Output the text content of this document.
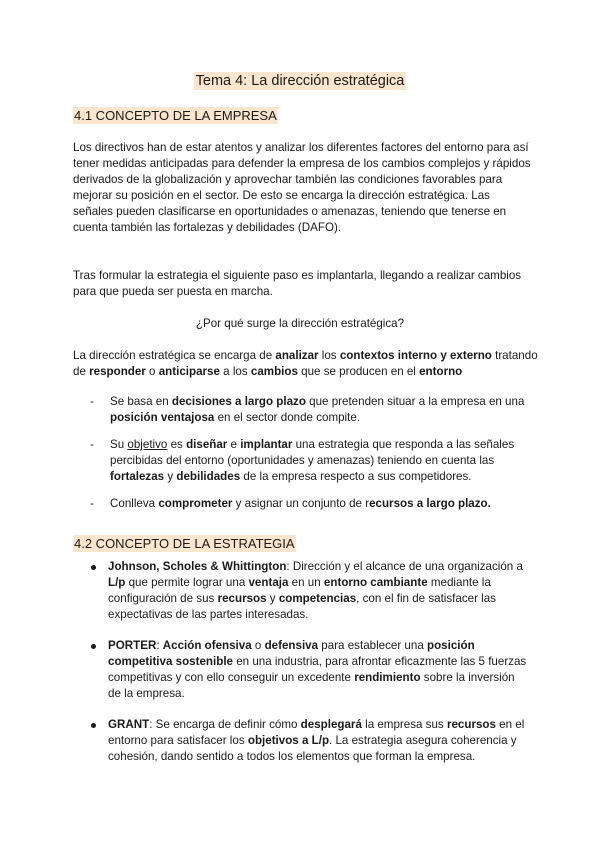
Tema 4: La dirección estratégica
4.1 CONCEPTO DE LA EMPRESA
Los directivos han de estar atentos y analizar los diferentes factores del entorno para así tener medidas anticipadas para defender la empresa de los cambios complejos y rápidos derivados de la globalización y aprovechar también las condiciones favorables para mejorar su posición en el sector. De esto se encarga la dirección estratégica. Las señales pueden clasificarse en oportunidades o amenazas, teniendo que tenerse en cuenta también las fortalezas y debilidades (DAFO).
Tras formular la estrategia el siguiente paso es implantarla, llegando a realizar cambios para que pueda ser puesta en marcha.
¿Por qué surge la dirección estratégica?
La dirección estratégica se encarga de analizar los contextos interno y externo tratando de responder o anticiparse a los cambios que se producen en el entorno
- Se basa en decisiones a largo plazo que pretenden situar a la empresa en una posición ventajosa en el sector donde compite.
- Su objetivo es diseñar e implantar una estrategia que responda a las señales percibidas del entorno (oportunidades y amenazas) teniendo en cuenta las fortalezas y debilidades de la empresa respecto a sus competidores.
- Conlleva comprometer y asignar un conjunto de recursos a largo plazo.
4.2 CONCEPTO DE LA ESTRATEGIA
Johnson, Scholes & Whittington: Dirección y el alcance de una organización a L/p que permite lograr una ventaja en un entorno cambiante mediante la configuración de sus recursos y competencias, con el fin de satisfacer las expectativas de las partes interesadas.
PORTER: Acción ofensiva o defensiva para establecer una posición competitiva sostenible en una industria, para afrontar eficazmente las 5 fuerzas competitivas y con ello conseguir un excedente rendimiento sobre la inversión de la empresa.
GRANT: Se encarga de definir cómo desplegará la empresa sus recursos en el entorno para satisfacer los objetivos a L/p. La estrategia asegura coherencia y cohesión, dando sentido a todos los elementos que forman la empresa.
